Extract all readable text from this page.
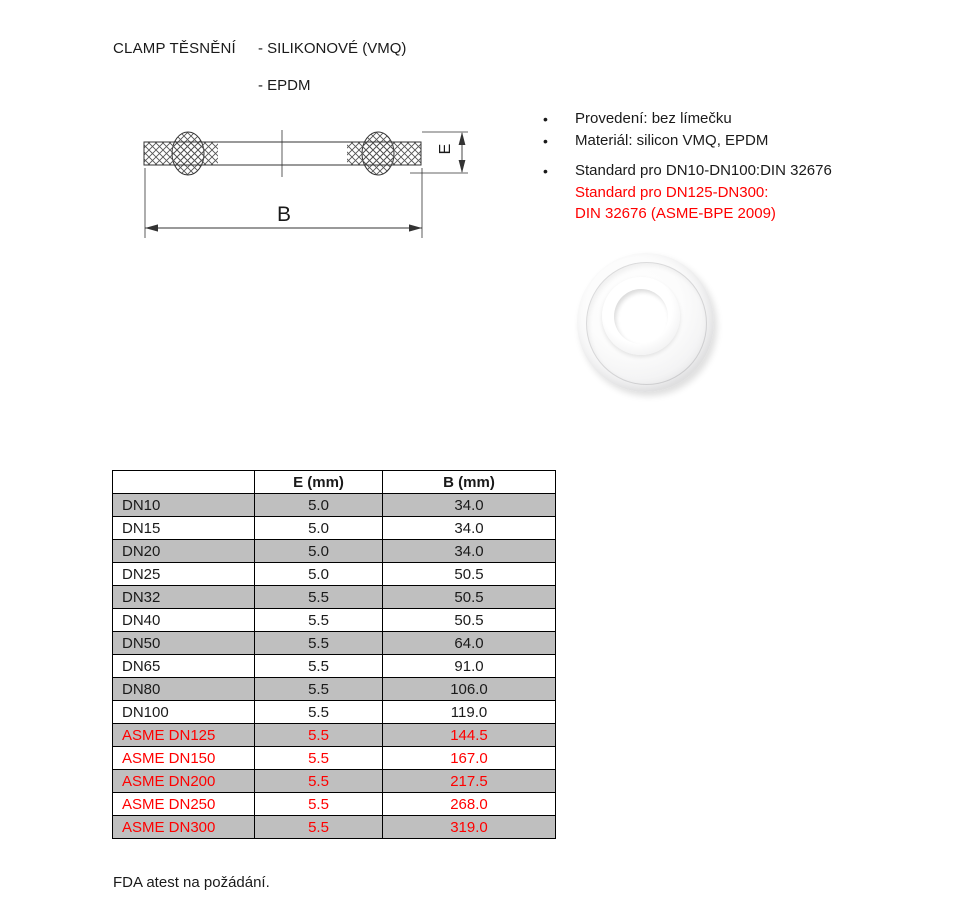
CLAMP TĚSNĚNÍ - SILIKONOVÉ (VMQ)
- EPDM
E
B
•	Provedení: bez límečku
•	Materiál: silicon VMQ, EPDM
•	Standard pro DN10-DN100:DIN 32676
Standard pro DN125-DN300:
DIN 32676 (ASME-BPE 2009)
	E (mm)	B (mm)
DN10	5.0	34.0
DN15	5.0	34.0
DN20	5.0	34.0
DN25	5.0	50.5
DN32	5.5	50.5
DN40	5.5	50.5
DN50	5.5	64.0
DN65	5.5	91.0
DN80	5.5	106.0
DN100	5.5	119.0
ASME DN125	5.5	144.5
ASME DN150	5.5	167.0
ASME DN200	5.5	217.5
ASME DN250	5.5	268.0
ASME DN300	5.5	319.0
FDA atest na požádání.
